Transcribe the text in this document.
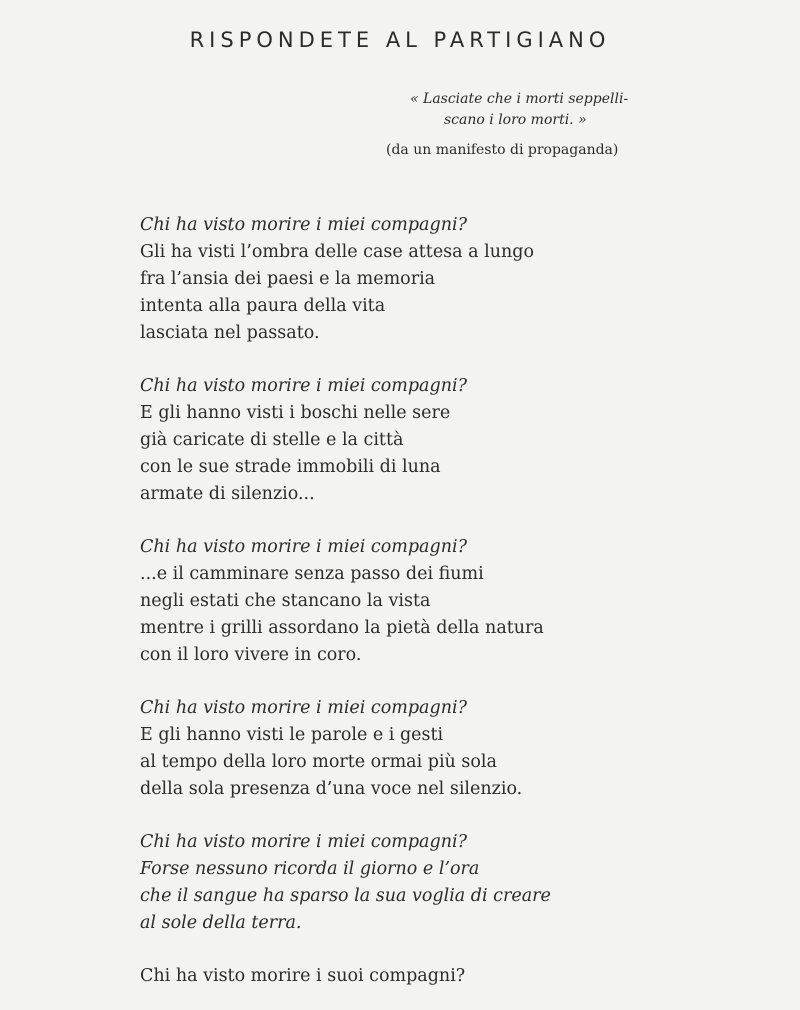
RISPONDETE AL PARTIGIANO
« Lasciate che i morti seppelli-
scano i loro morti. »
(da un manifesto di propaganda)
Chi ha visto morire i miei compagni?
Gli ha visti l’ombra delle case attesa a lungo
fra l’ansia dei paesi e la memoria
intenta alla paura della vita
lasciata nel passato.
Chi ha visto morire i miei compagni?
E gli hanno visti i boschi nelle sere
già caricate di stelle e la città
con le sue strade immobili di luna
armate di silenzio...
Chi ha visto morire i miei compagni?
...e il camminare senza passo dei fiumi
negli estati che stancano la vista
mentre i grilli assordano la pietà della natura
con il loro vivere in coro.
Chi ha visto morire i miei compagni?
E gli hanno visti le parole e i gesti
al tempo della loro morte ormai più sola
della sola presenza d’una voce nel silenzio.
Chi ha visto morire i miei compagni?
Forse nessuno ricorda il giorno e l’ora
che il sangue ha sparso la sua voglia di creare
al sole della terra.
Chi ha visto morire i suoi compagni?
